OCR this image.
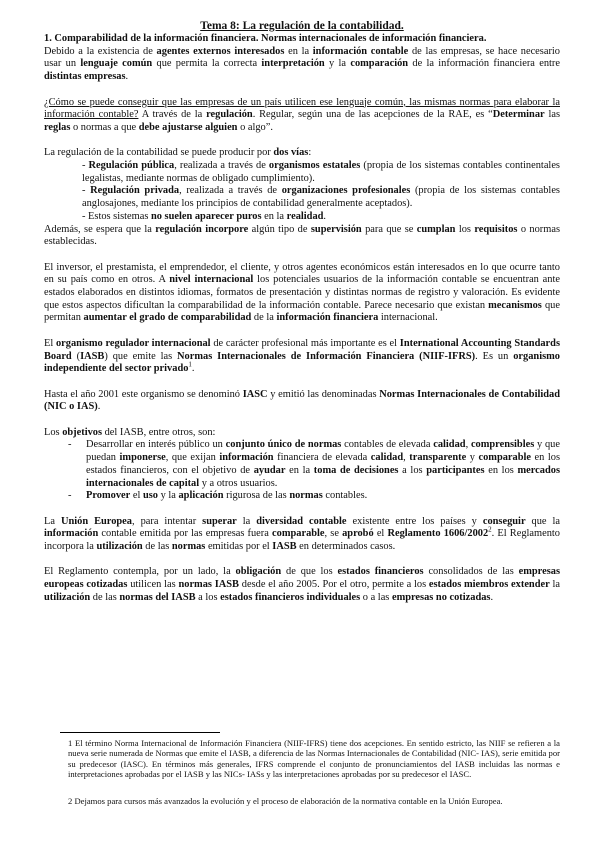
Tema 8: La regulación de la contabilidad.

1. Comparabilidad de la información financiera. Normas internacionales de información financiera.

Debido a la existencia de agentes externos interesados en la información contable de las empresas, se hace necesario usar un lenguaje común que permita la correcta interpretación y la comparación de la información financiera entre distintas empresas.

¿Cómo se puede conseguir que las empresas de un país utilicen ese lenguaje común, las mismas normas para elaborar la información contable? A través de la regulación. Regular, según una de las acepciones de la RAE, es “Determinar las reglas o normas a que debe ajustarse alguien o algo”.

La regulación de la contabilidad se puede producir por dos vías:

- Regulación pública, realizada a través de organismos estatales (propia de los sistemas contables continentales legalistas, mediante normas de obligado cumplimiento).
- Regulación privada, realizada a través de organizaciones profesionales (propia de los sistemas contables anglosajones, mediante los principios de contabilidad generalmente aceptados).
- Estos sistemas no suelen aparecer puros en la realidad.

Además, se espera que la regulación incorpore algún tipo de supervisión para que se cumplan los requisitos o normas establecidas.

El inversor, el prestamista, el emprendedor, el cliente, y otros agentes económicos están interesados en lo que ocurre tanto en su país como en otros. A nivel internacional los potenciales usuarios de la información contable se encuentran ante estados elaborados en distintos idiomas, formatos de presentación y distintas normas de registro y valoración. Es evidente que estos aspectos dificultan la comparabilidad de la información contable. Parece necesario que existan mecanismos que permitan aumentar el grado de comparabilidad de la información financiera internacional.

El organismo regulador internacional de carácter profesional más importante es el International Accounting Standards Board (IASB) que emite las Normas Internacionales de Información Financiera (NIIF-IFRS). Es un organismo independiente del sector privado$^1$.

Hasta el año 2001 este organismo se denominó IASC y emitió las denominadas Normas Internacionales de Contabilidad (NIC o IAS).

Los objetivos del IASB, entre otros, son:

- Desarrollar en interés público un conjunto único de normas contables de elevada calidad, comprensibles y que puedan imponerse, que exijan información financiera de elevada calidad, transparente y comparable en los estados financieros, con el objetivo de ayudar en la toma de decisiones a los participantes en los mercados internacionales de capital y a otros usuarios.
- Promover el uso y la aplicación rigurosa de las normas contables.

La Unión Europea, para intentar superar la diversidad contable existente entre los países y conseguir que la información contable emitida por las empresas fuera comparable, se aprobó el Reglamento 1606/2002$^2$. El Reglamento incorpora la utilización de las normas emitidas por el IASB en determinados casos.

El Reglamento contempla, por un lado, la obligación de que los estados financieros consolidados de las empresas europeas cotizadas utilicen las normas IASB desde el año 2005. Por el otro, permite a los estados miembros extender la utilización de las normas del IASB a los estados financieros individuales o a las empresas no cotizadas.

1 El término Norma Internacional de Información Financiera (NIIF-IFRS) tiene dos acepciones. En sentido estricto, las NIIF se refieren a la nueva serie numerada de Normas que emite el IASB, a diferencia de las Normas Internacionales de Contabilidad (NIC- IAS), serie emitida por su predecesor (IASC). En términos más generales, IFRS comprende el conjunto de pronunciamientos del IASB incluidas las normas e interpretaciones aprobadas por el IASB y las NICs- IASs y las interpretaciones aprobadas por su predecesor el IASC.

2 Dejamos para cursos más avanzados la evolución y el proceso de elaboración de la normativa contable en la Unión Europea.
